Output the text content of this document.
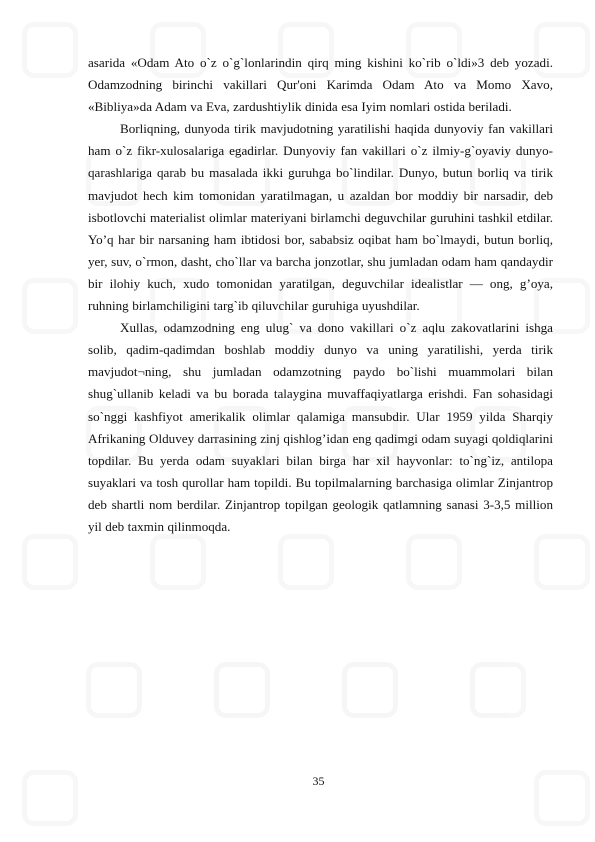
asarida «Odam Ato o`z o`g`lonlarindin qirq ming kishini ko`rib o`ldi»3 deb yozadi. Odamzodning birinchi vakillari Qur'oni Karimda Odam Ato va Momo Xavo, «Bibliya»da Adam va Eva, zardushtiylik dinida esa Iyim nomlari ostida beriladi.

Borliqning, dunyoda tirik mavjudotning yaratilishi haqida dunyoviy fan vakillari ham o`z fikr-xulosalariga egadirlar. Dunyoviy fan vakillari o`z ilmiy-g`oyaviy dunyo-qarashlariga qarab bu masalada ikki guruhga bo`lindilar. Dunyo, butun borliq va tirik mavjudot hech kim tomonidan yaratilmagan, u azaldan bor moddiy bir narsadir, deb isbotlovchi materialist olimlar materiyani birlamchi deguvchilar guruhini tashkil etdilar. Yo’q har bir narsaning ham ibtidosi bor, sababsiz oqibat ham bo`lmaydi, butun borliq, yer, suv, o`rmon, dasht, cho`llar va barcha jonzotlar, shu jumladan odam ham qandaydir bir ilohiy kuch, xudo tomonidan yaratilgan, deguvchilar idealistlar — ong, g’oya, ruhning birlamchiligini targ`ib qiluvchilar guruhiga uyushdilar.

Xullas, odamzodning eng ulug` va dono vakillari o`z aqlu zakovatlarini ishga solib, qadim-qadimdan boshlab moddiy dunyo va uning yaratilishi, yerda tirik mavjudot¬ning, shu jumladan odamzotning paydo bo`lishi muammolari bilan shug`ullanib keladi va bu borada talaygina muvaffaqiyatlarga erishdi. Fan sohasidagi so`nggi kashfiyot amerikalik olimlar qalamiga mansubdir. Ular 1959 yilda Sharqiy Afrikaning Olduvey darrasining zinj qishlog’idan eng qadimgi odam suyagi qoldiqlarini topdilar. Bu yerda odam suyaklari bilan birga har xil hayvonlar: to`ng`iz, antilopa suyaklari va tosh qurollar ham topildi. Bu topilmalarning barchasiga olimlar Zinjantrop deb shartli nom berdilar. Zinjantrop topilgan geologik qatlamning sanasi 3-3,5 million yil deb taxmin qilinmoqda.

35
